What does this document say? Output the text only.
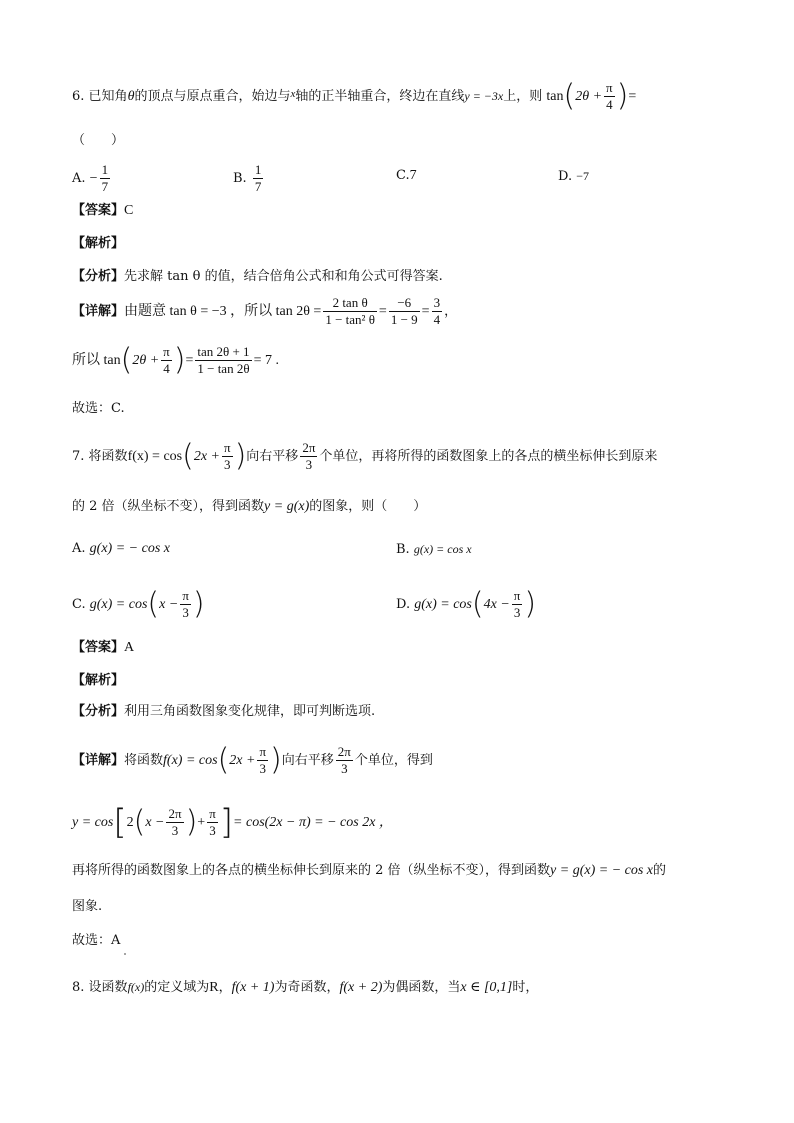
6. 已知角θ的顶点与原点重合，始边与$^x$轴的正半轴重合，终边在直线y = −3x上，则 $\tan(2\theta + \frac{\pi}{4}$ )=
（　　）
A. − $\frac{1}{7}$	B. $\frac{1}{7}$	C.7	D. −7
【答案】C
【解析】
【分析】先求解 tan θ 的值，结合倍角公式和和角公式可得答案.
【详解】由题意 tan θ = −3 ，所以 $\tan 2\theta = \frac{\text{2 tan θ}}{\text{1 − tan² θ}} = \frac{-6}{1 - 9} = \frac{3}{4}$ ，
所以 $\tan(2\theta + \frac{\pi}{4}$ )= $\frac{\tan 2\theta + 1}{1 - \tan 2\theta} = 7$ .
故选：C.
7. 将函数$f(x) = \cos(2x + \frac{\pi}{3}$ )向右平移 $\frac{2\pi}{3}$ 个单位，再将所得的函数图象上的各点的横坐标伸长到原来
的 2 倍（纵坐标不变），得到函数y = g(x)的图象，则（　　）
A. g(x) = − cos x	B. g(x) = cos x
C. $g(x) = \cos(x - \frac{\pi}{3}$ )	D. $g(x) = \cos(4x - \frac{\pi}{3}$ )
【答案】A
【解析】
【分析】利用三角函数图象变化规律，即可判断选项.
【详解】将函数$f(x) = \cos(2x + \frac{\pi}{3}$ )向右平移 $\frac{2\pi}{3}$ 个单位，得到
$y = \cos[2(x - \frac{2\pi}{3}$ )+ $\frac{\pi}{3}$ ]= cos(2x − π) = − cos 2x ，
再将所得的函数图象上的各点的横坐标伸长到原来的 2 倍（纵坐标不变），得到函数y = g(x) = − cos x的
图象.
故选：A
8. 设函数f(x)的定义域为R，f(x + 1)为奇函数，f(x + 2)为偶函数，当x ∈ [0,1]时，
